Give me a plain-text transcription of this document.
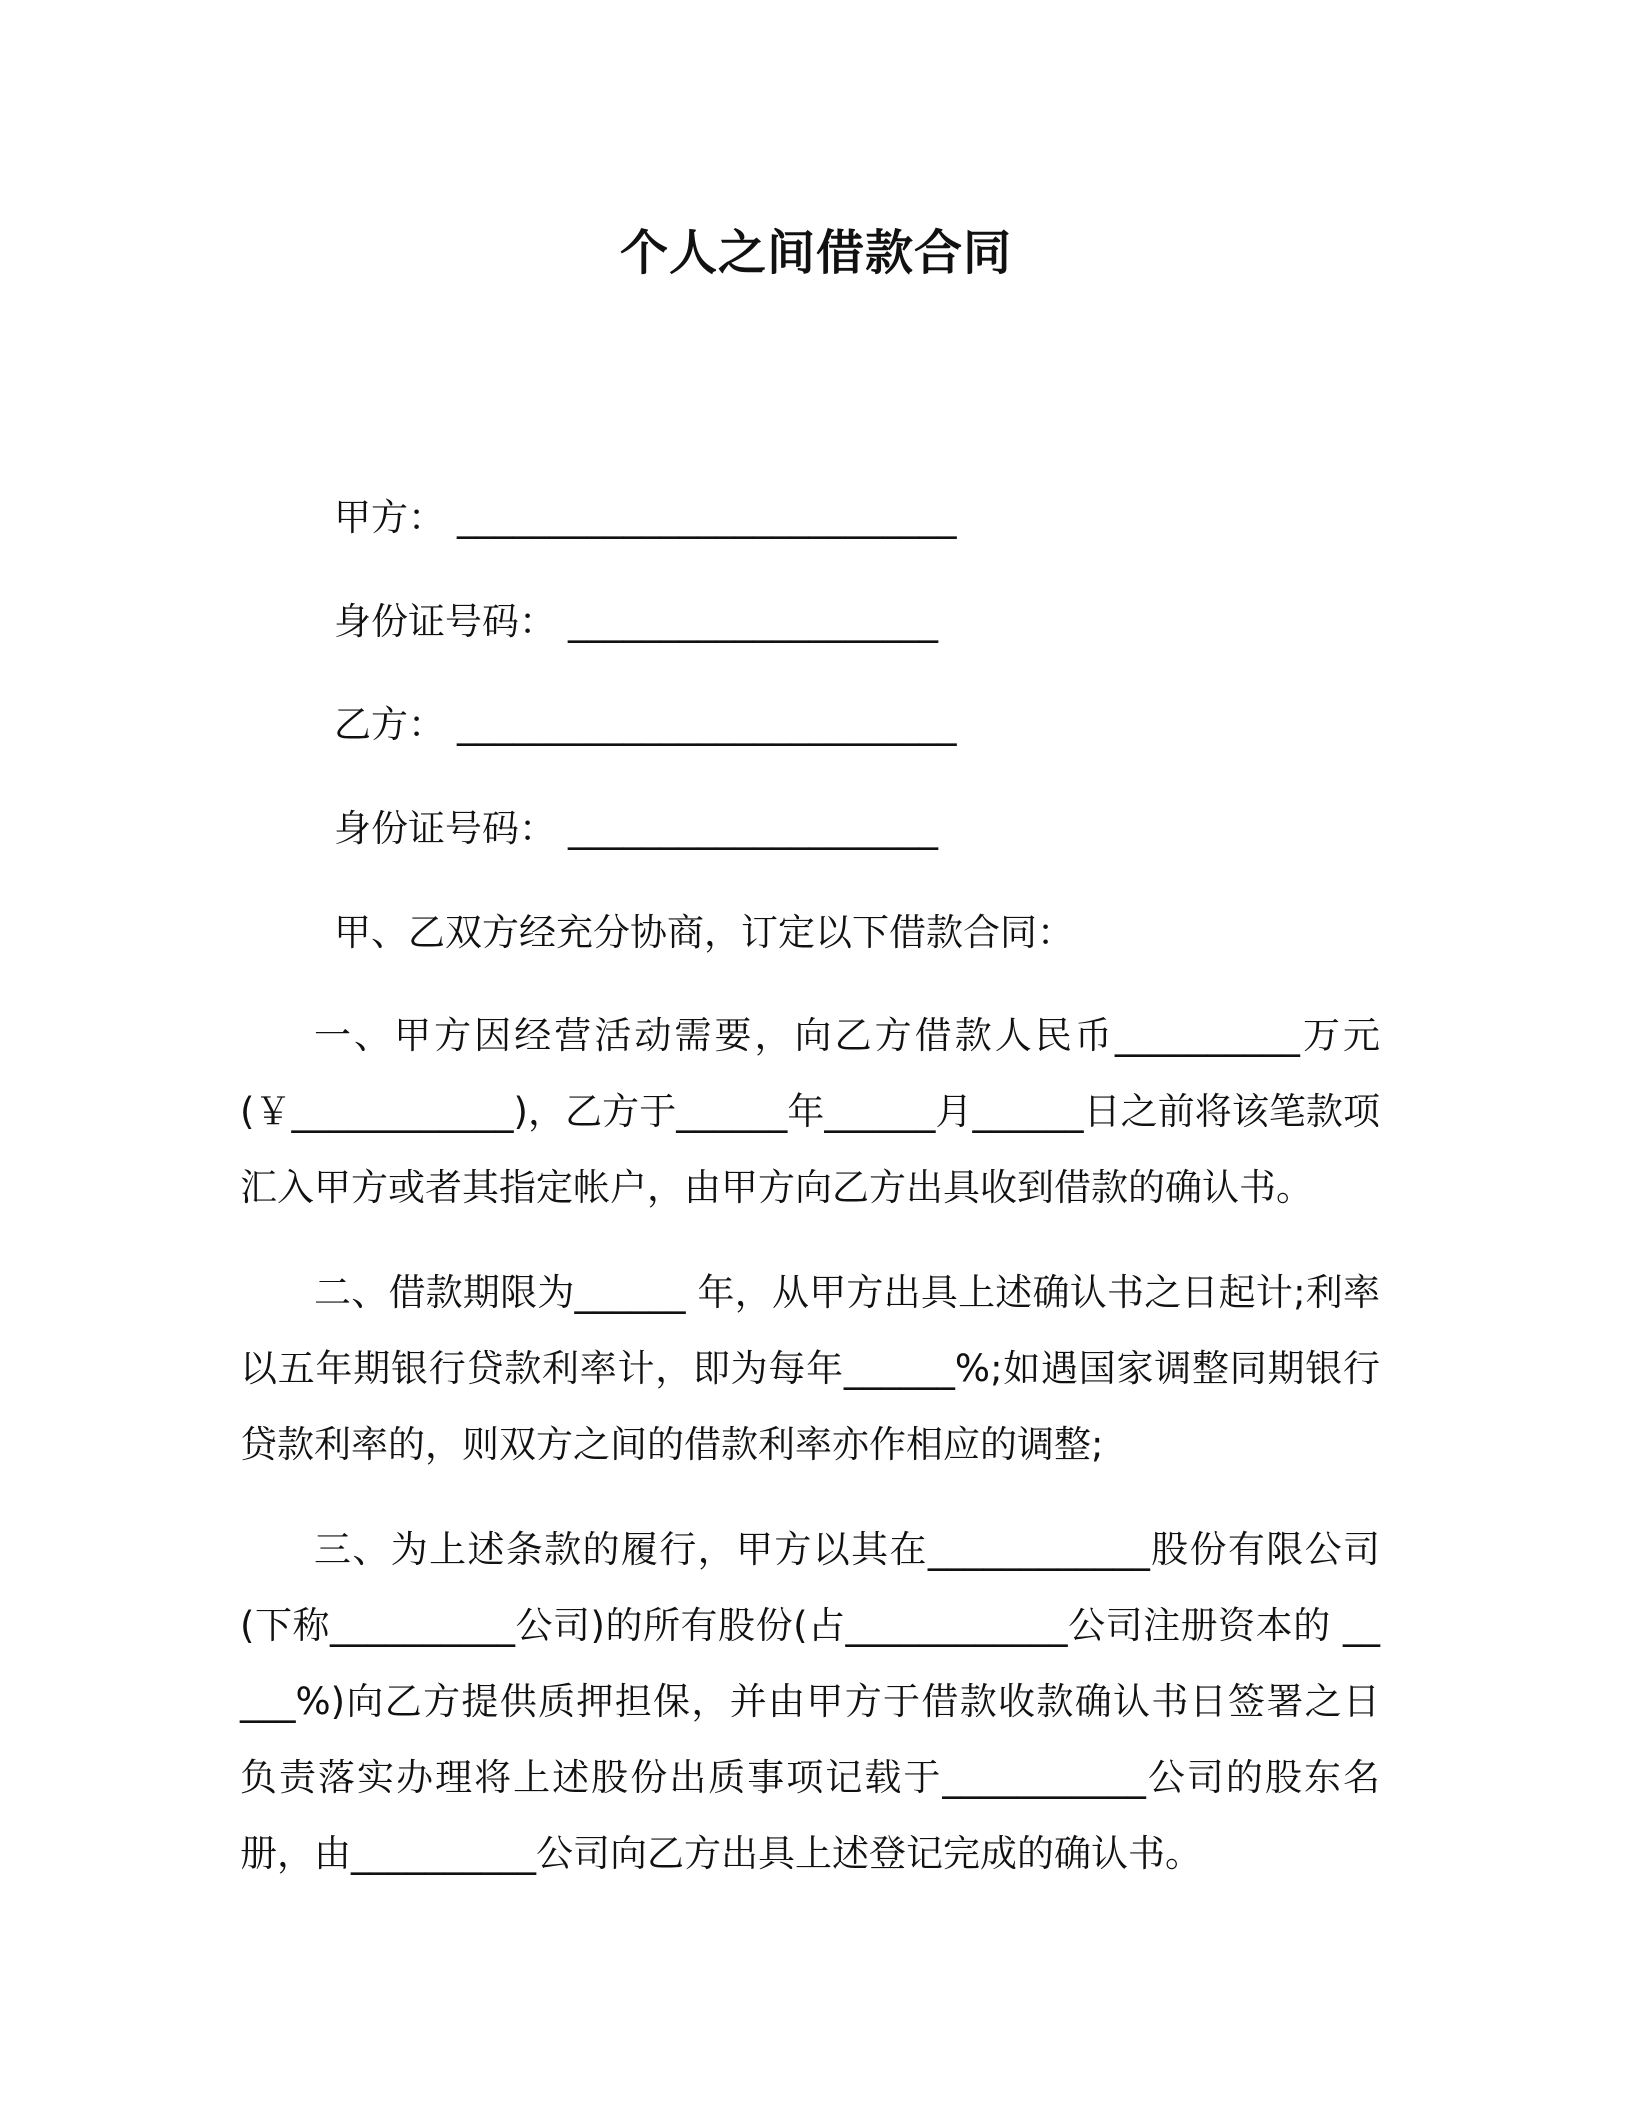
个人之间借款合同
甲方： ___________________________
身份证号码： ____________________
乙方： ___________________________
身份证号码： ____________________
甲、乙双方经充分协商，订定以下借款合同：

一、甲方因经营活动需要，向乙方借款人民币__________万元(￥____________)，乙方于______年______月______日之前将该笔款项汇入甲方或者其指定帐户，由甲方向乙方出具收到借款的确认书。

二、借款期限为______ 年，从甲方出具上述确认书之日起计;利率以五年期银行贷款利率计，即为每年______%;如遇国家调整同期银行贷款利率的，则双方之间的借款利率亦作相应的调整;

三、为上述条款的履行，甲方以其在____________股份有限公司(下称__________公司)的所有股份(占____________公司注册资本的 _____%)向乙方提供质押担保，并由甲方于借款收款确认书日签署之日负责落实办理将上述股份出质事项记载于___________公司的股东名册，由__________公司向乙方出具上述登记完成的确认书。
